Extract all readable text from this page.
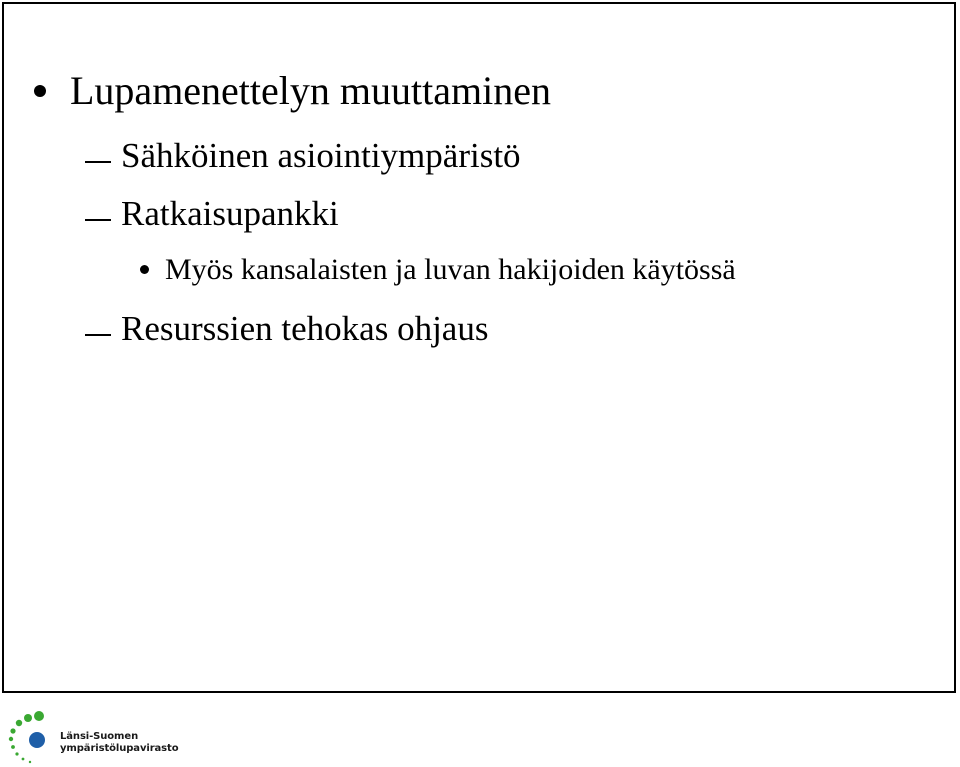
Lupamenettelyn muuttaminen
Sähköinen asiointiympäristö
Ratkaisupankki
Myös kansalaisten ja luvan hakijoiden käytössä
Resurssien tehokas ohjaus
Länsi-Suomen
ympäristölupavirasto
